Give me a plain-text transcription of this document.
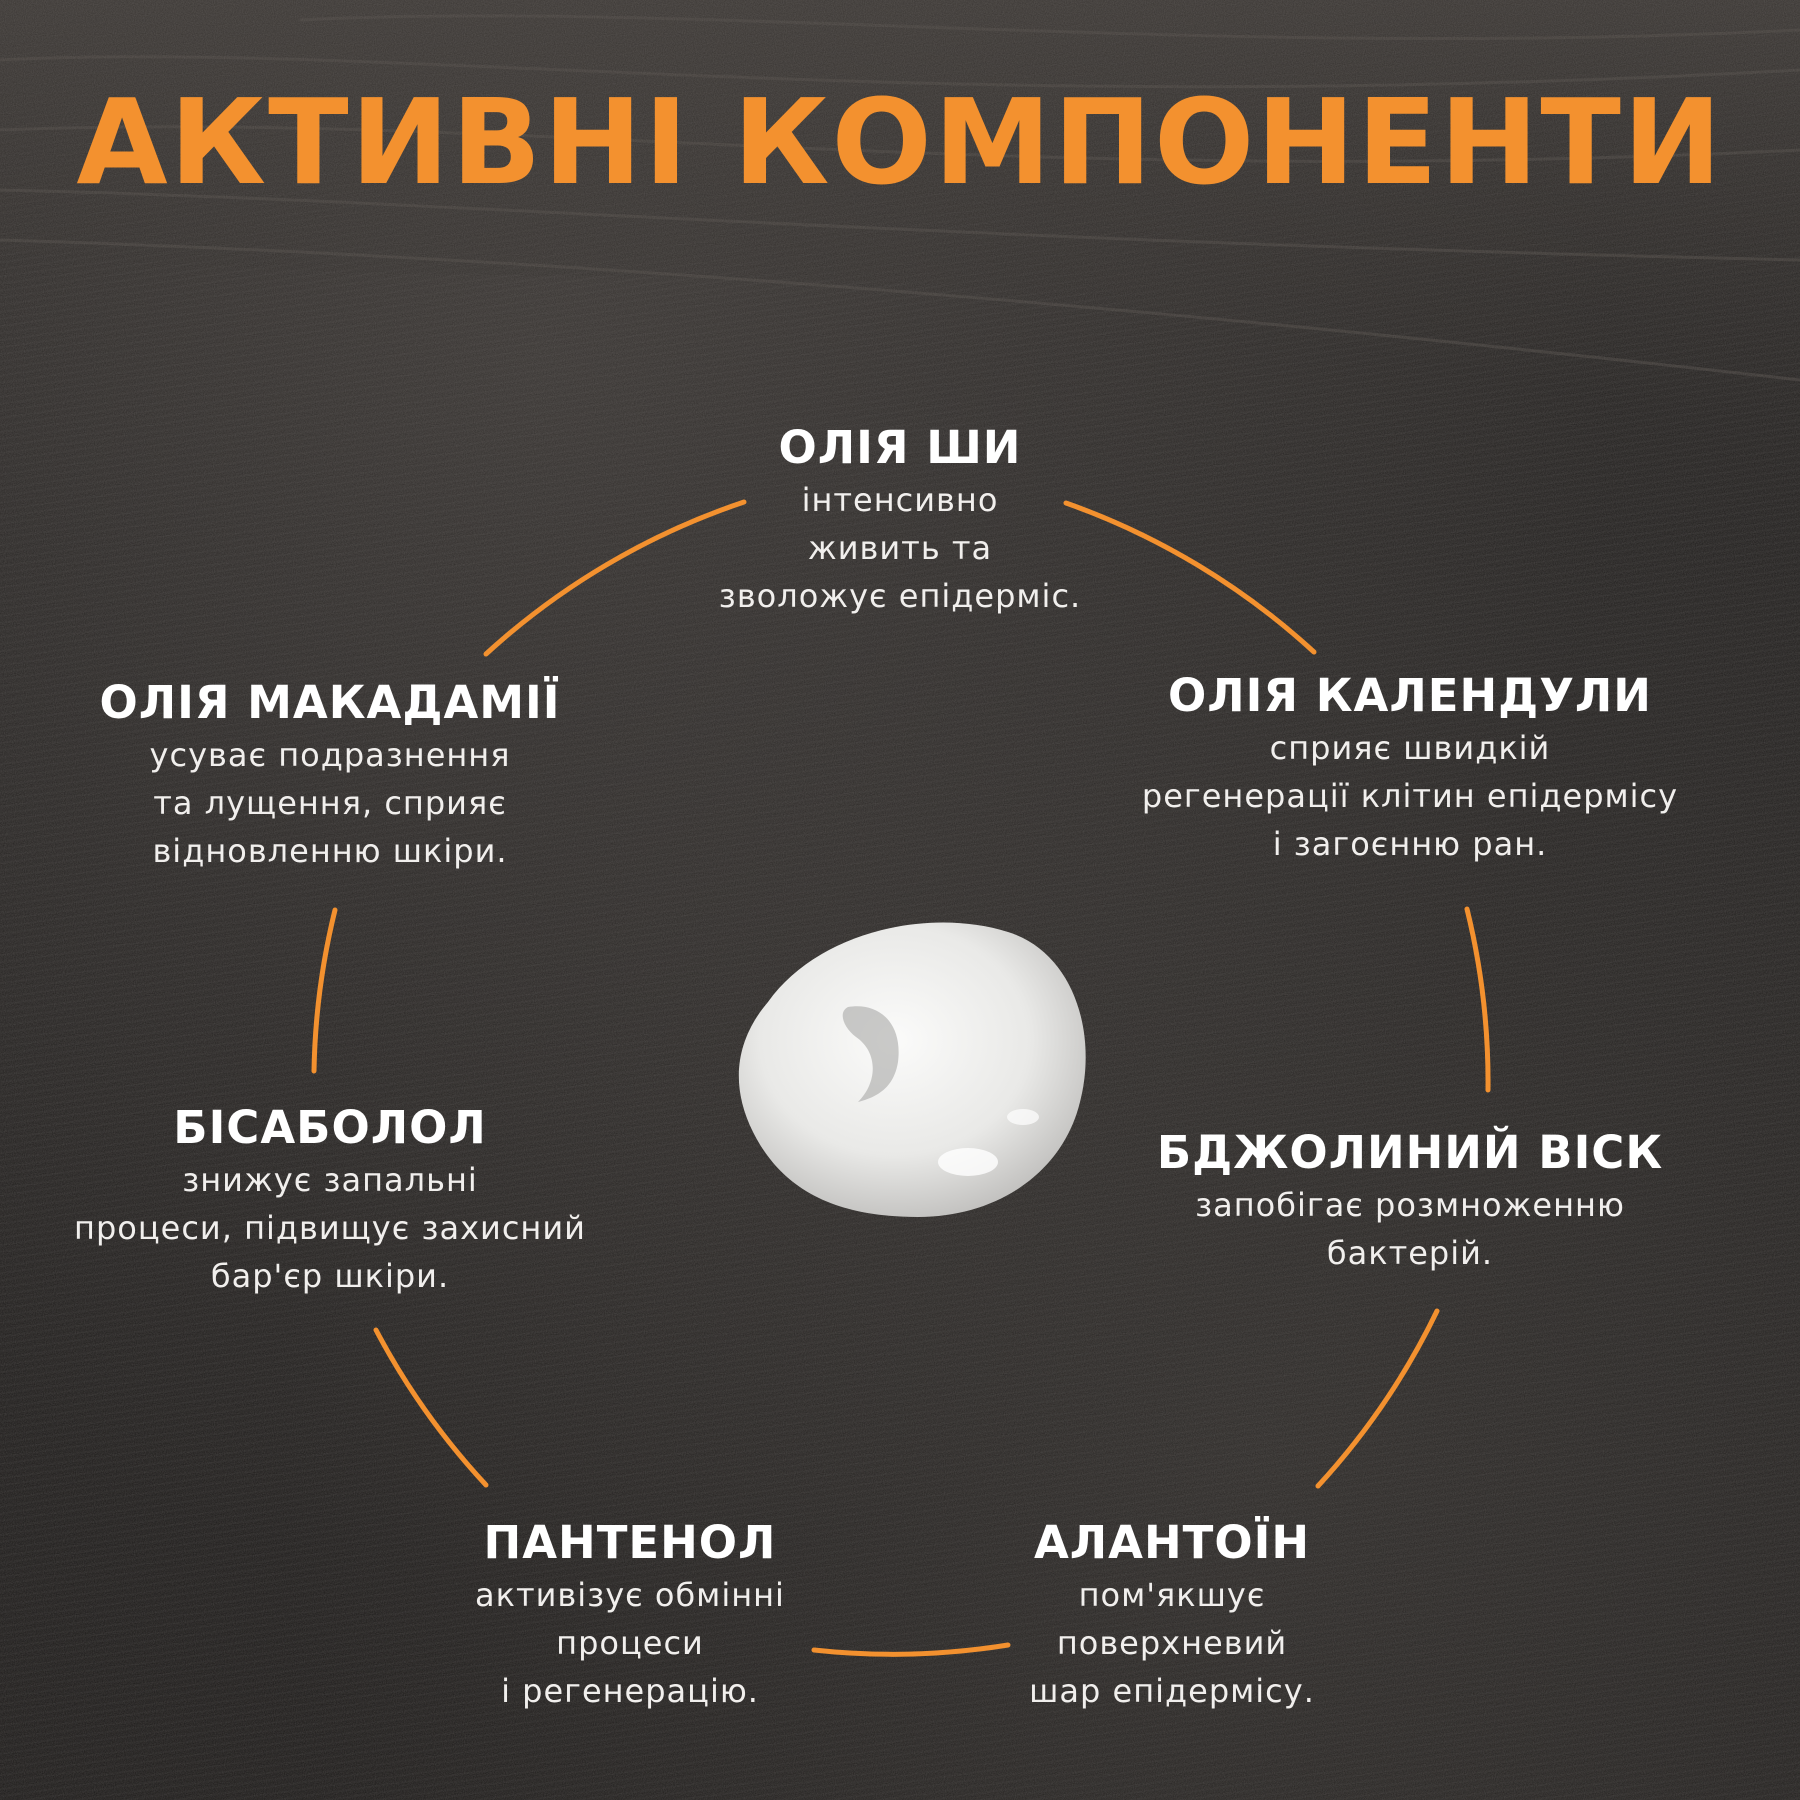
АКТИВНІ КОМПОНЕНТИ
ОЛІЯ ШИ
інтенсивно
живить та
зволожує епідерміс.
ОЛІЯ КАЛЕНДУЛИ
сприяє швидкій
регенерації клітин епідермісу
і загоєнню ран.
БДЖОЛИНИЙ ВІСК
запобігає розмноженню
бактерій.
АЛАНТОЇН
пом'якшує
поверхневий
шар епідермісу.
ПАНТЕНОЛ
активізує обмінні
процеси
і регенерацію.
БІСАБОЛОЛ
знижує запальні
процеси, підвищує захисний
бар'єр шкіри.
ОЛІЯ МАКАДАМІЇ
усуває подразнення
та лущення, сприяє
відновленню шкіри.
